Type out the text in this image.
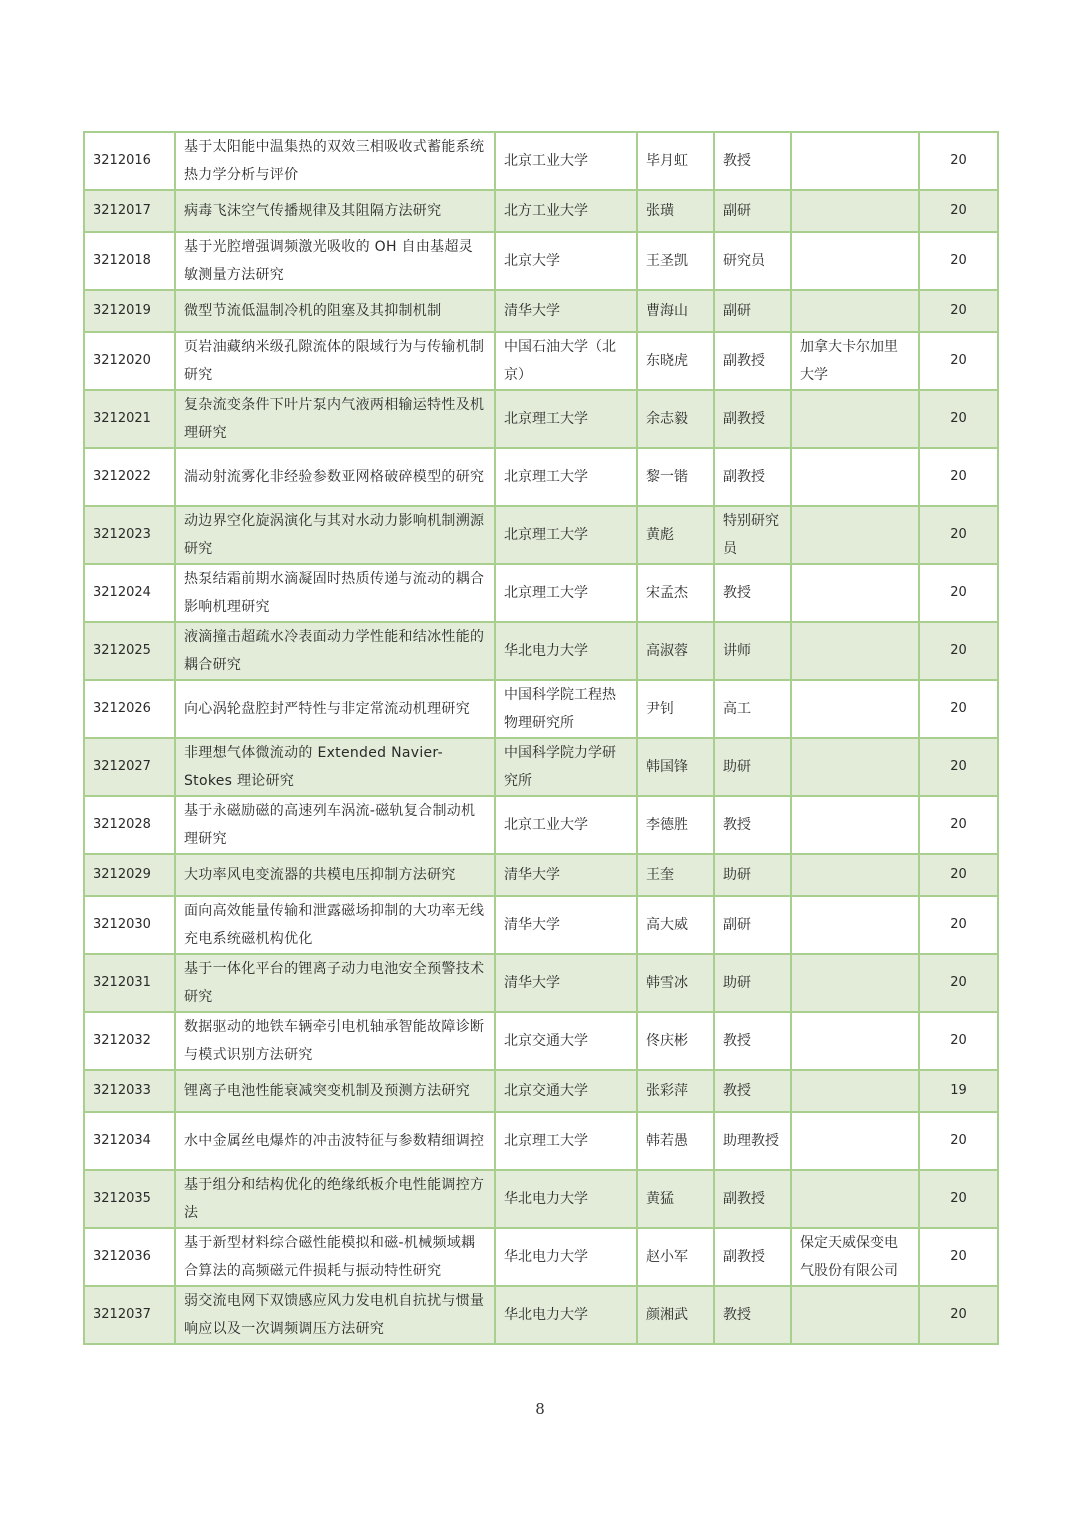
3212016	基于太阳能中温集热的双效三相吸收式蓄能系统热力学分析与评价	北京工业大学	毕月虹	教授		20
3212017	病毒飞沫空气传播规律及其阻隔方法研究	北方工业大学	张璜	副研		20
3212018	基于光腔增强调频激光吸收的 OH 自由基超灵敏测量方法研究	北京大学	王圣凯	研究员		20
3212019	微型节流低温制冷机的阻塞及其抑制机制	清华大学	曹海山	副研		20
3212020	页岩油藏纳米级孔隙流体的限域行为与传输机制研究	中国石油大学（北京）	东晓虎	副教授	加拿大卡尔加里大学	20
3212021	复杂流变条件下叶片泵内气液两相输运特性及机理研究	北京理工大学	余志毅	副教授		20
3212022	湍动射流雾化非经验参数亚网格破碎模型的研究	北京理工大学	黎一锴	副教授		20
3212023	动边界空化旋涡演化与其对水动力影响机制溯源研究	北京理工大学	黄彪	特别研究员		20
3212024	热泵结霜前期水滴凝固时热质传递与流动的耦合影响机理研究	北京理工大学	宋孟杰	教授		20
3212025	液滴撞击超疏水冷表面动力学性能和结冰性能的耦合研究	华北电力大学	高淑蓉	讲师		20
3212026	向心涡轮盘腔封严特性与非定常流动机理研究	中国科学院工程热物理研究所	尹钊	高工		20
3212027	非理想气体微流动的 Extended Navier-Stokes 理论研究	中国科学院力学研究所	韩国锋	助研		20
3212028	基于永磁励磁的高速列车涡流-磁轨复合制动机理研究	北京工业大学	李德胜	教授		20
3212029	大功率风电变流器的共模电压抑制方法研究	清华大学	王奎	助研		20
3212030	面向高效能量传输和泄露磁场抑制的大功率无线充电系统磁机构优化	清华大学	高大威	副研		20
3212031	基于一体化平台的锂离子动力电池安全预警技术研究	清华大学	韩雪冰	助研		20
3212032	数据驱动的地铁车辆牵引电机轴承智能故障诊断与模式识别方法研究	北京交通大学	佟庆彬	教授		20
3212033	锂离子电池性能衰减突变机制及预测方法研究	北京交通大学	张彩萍	教授		19
3212034	水中金属丝电爆炸的冲击波特征与参数精细调控	北京理工大学	韩若愚	助理教授		20
3212035	基于组分和结构优化的绝缘纸板介电性能调控方法	华北电力大学	黄猛	副教授		20
3212036	基于新型材料综合磁性能模拟和磁-机械频域耦合算法的高频磁元件损耗与振动特性研究	华北电力大学	赵小军	副教授	保定天威保变电气股份有限公司	20
3212037	弱交流电网下双馈感应风力发电机自抗扰与惯量响应以及一次调频调压方法研究	华北电力大学	颜湘武	教授		20
8
